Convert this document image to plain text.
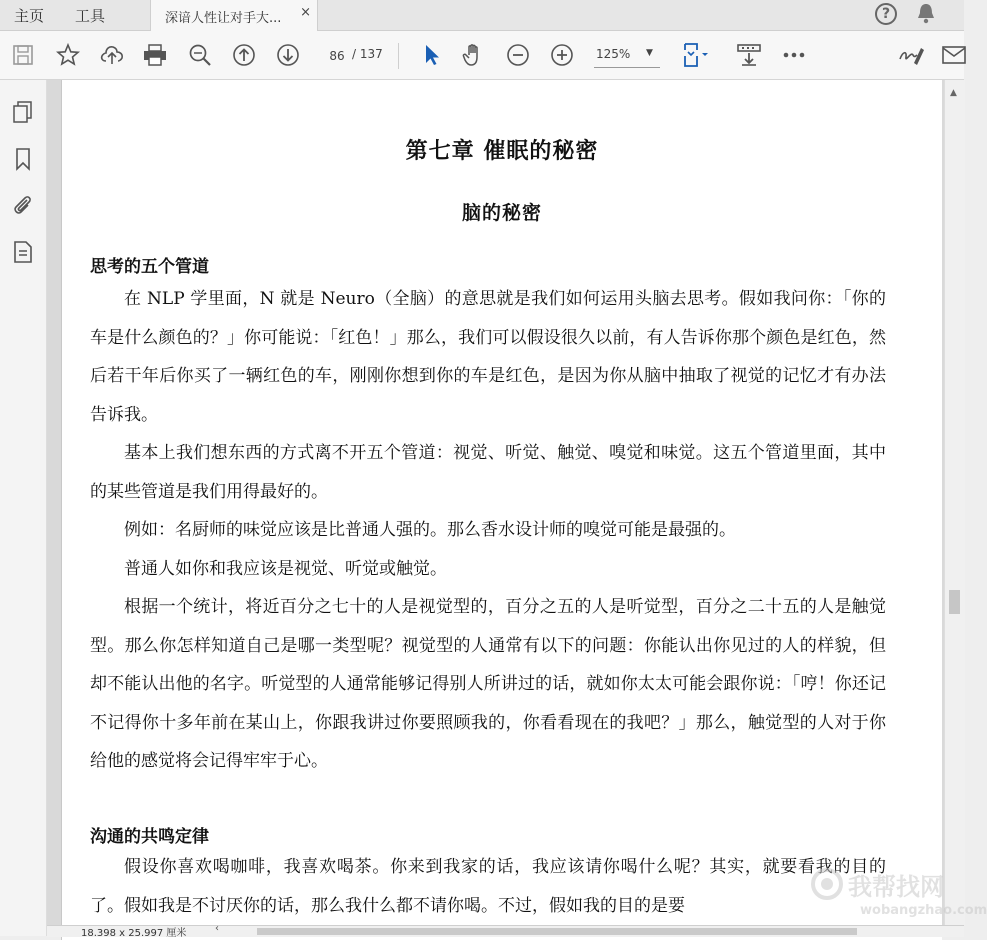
主页 工具	深谙人性让对手大...	×	?
86
/ 137	125% ▼
第七章 催眠的秘密
脑的秘密
思考的五个管道
在 NLP 学里面，N 就是 Neuro（全脑）的意思就是我们如何运用头脑去思考。假如我问你：「你的车是什么颜色的？」你可能说：「红色！」那么，我们可以假设很久以前，有人告诉你那个颜色是红色，然后若干年后你买了一辆红色的车，刚刚你想到你的车是红色，是因为你从脑中抽取了视觉的记忆才有办法告诉我。
基本上我们想东西的方式离不开五个管道：视觉、听觉、触觉、嗅觉和味觉。这五个管道里面，其中的某些管道是我们用得最好的。
例如：名厨师的味觉应该是比普通人强的。那么香水设计师的嗅觉可能是最强的。
普通人如你和我应该是视觉、听觉或触觉。
根据一个统计，将近百分之七十的人是视觉型的，百分之五的人是听觉型，百分之二十五的人是触觉型。那么你怎样知道自己是哪一类型呢？视觉型的人通常有以下的问题：你能认出你见过的人的样貌，但却不能认出他的名字。听觉型的人通常能够记得别人所讲过的话，就如你太太可能会跟你说：「哼！你还记不记得你十多年前在某山上，你跟我讲过你要照顾我的，你看看现在的我吧？」那么，触觉型的人对于你给他的感觉将会记得牢牢于心。
沟通的共鸣定律
假设你喜欢喝咖啡，我喜欢喝茶。你来到我家的话，我应该请你喝什么呢？其实，就要看我的目的了。假如我是不讨厌你的话，那么我什么都不请你喝。不过，假如我的目的是要
▲
18.398 x 25.997 厘米	‹
我帮找网
wobangzhao.com
